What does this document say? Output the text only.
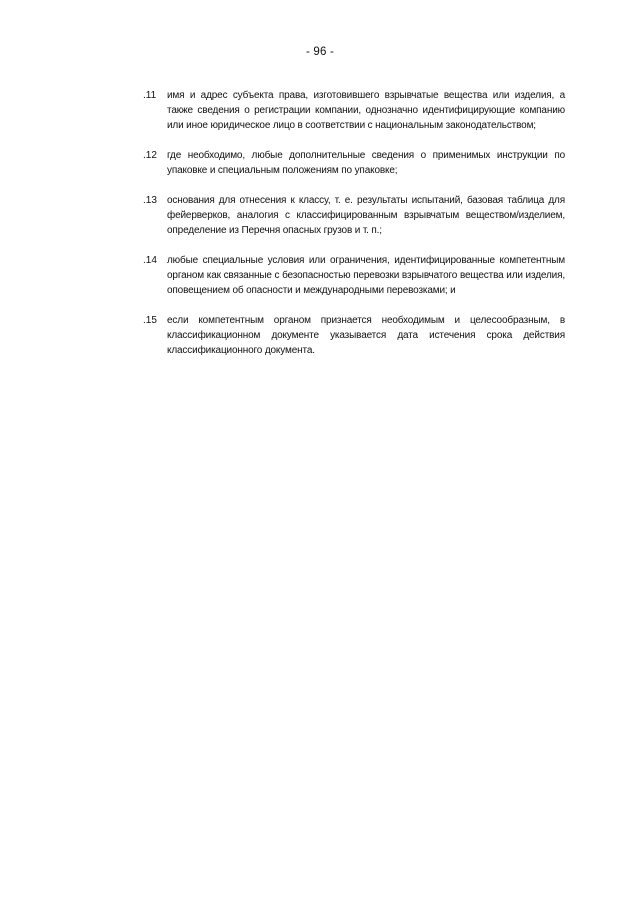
- 96 -
.11	имя и адрес субъекта права, изготовившего взрывчатые вещества или изделия, а также сведения о регистрации компании, однозначно идентифицирующие компанию или иное юридическое лицо в соответствии с национальным законодательством;
.12	где необходимо, любые дополнительные сведения о применимых инструкции по упаковке и специальным положениям по упаковке;
.13	основания для отнесения к классу, т. е. результаты испытаний, базовая таблица для фейерверков, аналогия с классифицированным взрывчатым веществом/изделием, определение из Перечня опасных грузов и т. п.;
.14	любые специальные условия или ограничения, идентифицированные компетентным органом как связанные с безопасностью перевозки взрывчатого вещества или изделия, оповещением об опасности и международными перевозками; и
.15	если компетентным органом признается необходимым и целесообразным, в классификационном документе указывается дата истечения срока действия классификационного документа.
